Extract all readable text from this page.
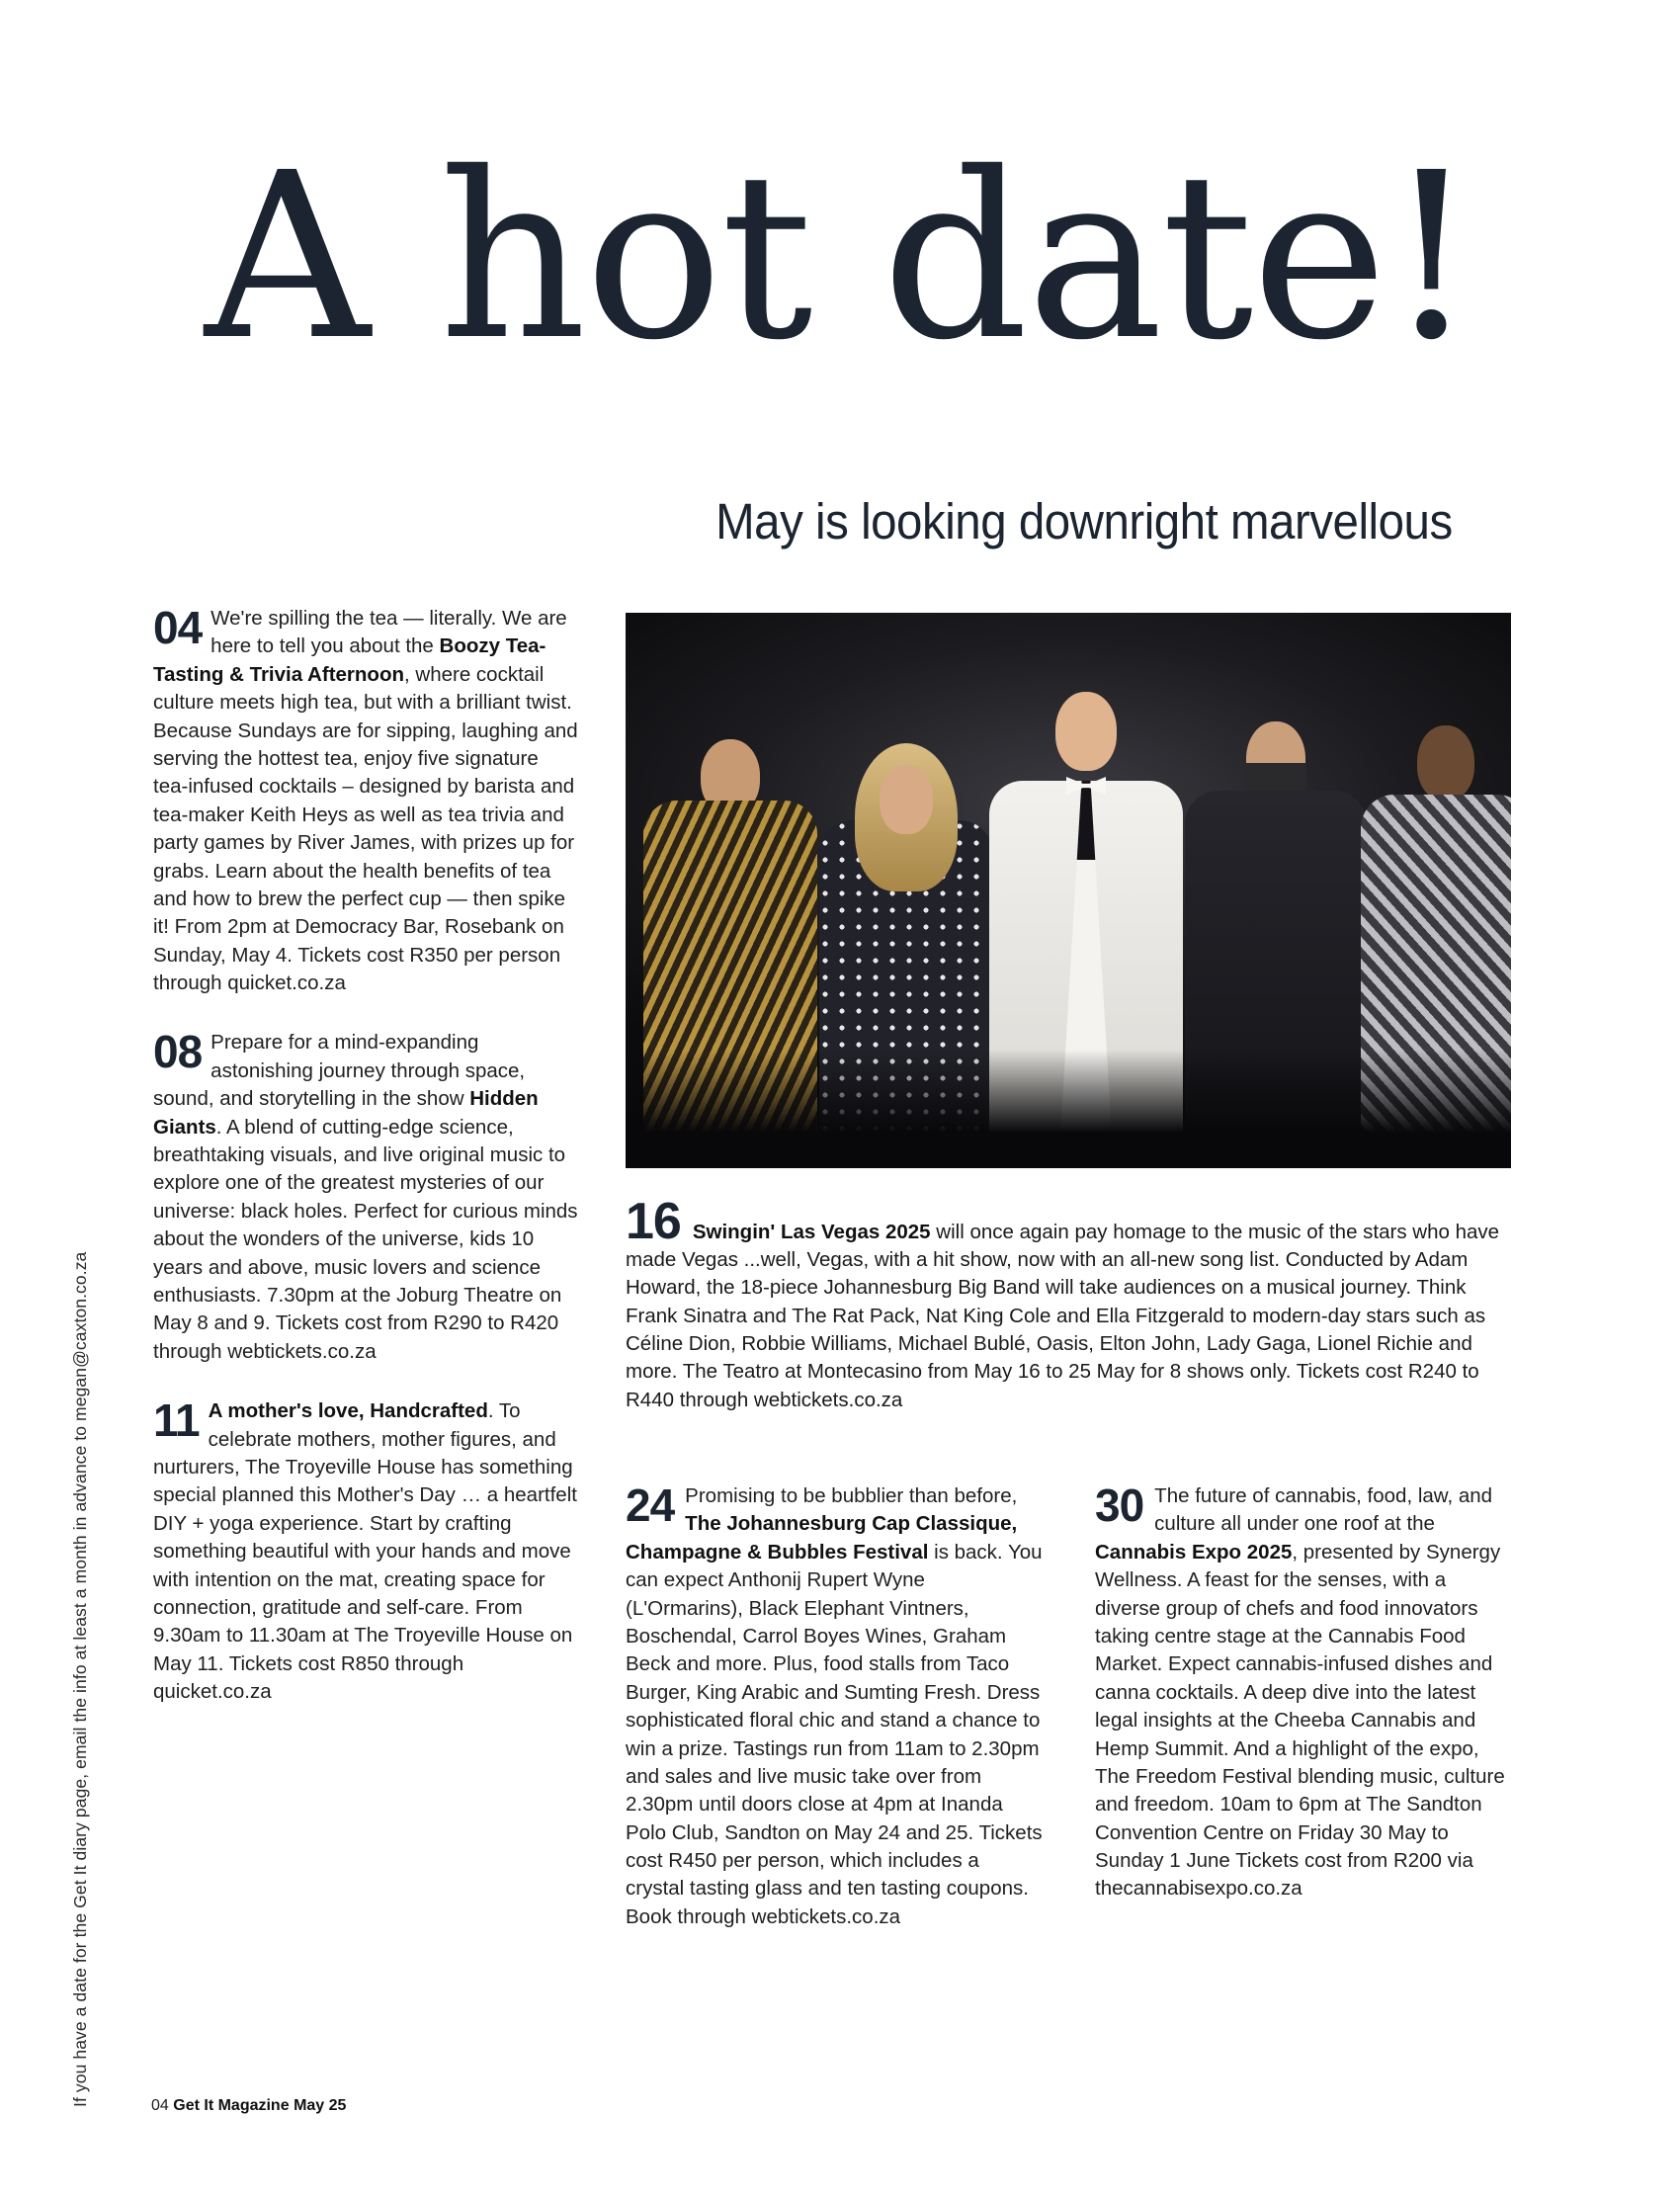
A hot date!
May is looking downright marvellous
If you have a date for the Get It diary page, email the info at least a month in advance to megan@caxton.co.za
04 We're spilling the tea — literally. We are here to tell you about the Boozy Tea-Tasting & Trivia Afternoon, where cocktail culture meets high tea, but with a brilliant twist. Because Sundays are for sipping, laughing and serving the hottest tea, enjoy five signature tea-infused cocktails – designed by barista and tea-maker Keith Heys as well as tea trivia and party games by River James, with prizes up for grabs. Learn about the health benefits of tea and how to brew the perfect cup — then spike it! From 2pm at Democracy Bar, Rosebank on Sunday, May 4. Tickets cost R350 per person through quicket.co.za

08 Prepare for a mind-expanding astonishing journey through space, sound, and storytelling in the show Hidden Giants. A blend of cutting-edge science, breathtaking visuals, and live original music to explore one of the greatest mysteries of our universe: black holes. Perfect for curious minds about the wonders of the universe, kids 10 years and above, music lovers and science enthusiasts. 7.30pm at the Joburg Theatre on May 8 and 9. Tickets cost from R290 to R420 through webtickets.co.za

11 A mother's love, Handcrafted. To celebrate mothers, mother figures, and nurturers, The Troyeville House has something special planned this Mother's Day … a heartfelt DIY + yoga experience. Start by crafting something beautiful with your hands and move with intention on the mat, creating space for connection, gratitude and self-care. From 9.30am to 11.30am at The Troyeville House on May 11. Tickets cost R850 through quicket.co.za

16 Swingin' Las Vegas 2025 will once again pay homage to the music of the stars who have made Vegas ...well, Vegas, with a hit show, now with an all-new song list. Conducted by Adam Howard, the 18-piece Johannesburg Big Band will take audiences on a musical journey. Think Frank Sinatra and The Rat Pack, Nat King Cole and Ella Fitzgerald to modern-day stars such as Céline Dion, Robbie Williams, Michael Bublé, Oasis, Elton John, Lady Gaga, Lionel Richie and more. The Teatro at Montecasino from May 16 to 25 May for 8 shows only. Tickets cost R240 to R440 through webtickets.co.za

24 Promising to be bubblier than before, The Johannesburg Cap Classique, Champagne & Bubbles Festival is back. You can expect Anthonij Rupert Wyne (L'Ormarins), Black Elephant Vintners, Boschendal, Carrol Boyes Wines, Graham Beck and more. Plus, food stalls from Taco Burger, King Arabic and Sumting Fresh. Dress sophisticated floral chic and stand a chance to win a prize. Tastings run from 11am to 2.30pm and sales and live music take over from 2.30pm until doors close at 4pm at Inanda Polo Club, Sandton on May 24 and 25. Tickets cost R450 per person, which includes a crystal tasting glass and ten tasting coupons. Book through webtickets.co.za

30 The future of cannabis, food, law, and culture all under one roof at the Cannabis Expo 2025, presented by Synergy Wellness. A feast for the senses, with a diverse group of chefs and food innovators taking centre stage at the Cannabis Food Market. Expect cannabis-infused dishes and canna cocktails. A deep dive into the latest legal insights at the Cheeba Cannabis and Hemp Summit. And a highlight of the expo, The Freedom Festival blending music, culture and freedom. 10am to 6pm at The Sandton Convention Centre on Friday 30 May to Sunday 1 June Tickets cost from R200 via thecannabisexpo.co.za

04 Get It Magazine May 25
